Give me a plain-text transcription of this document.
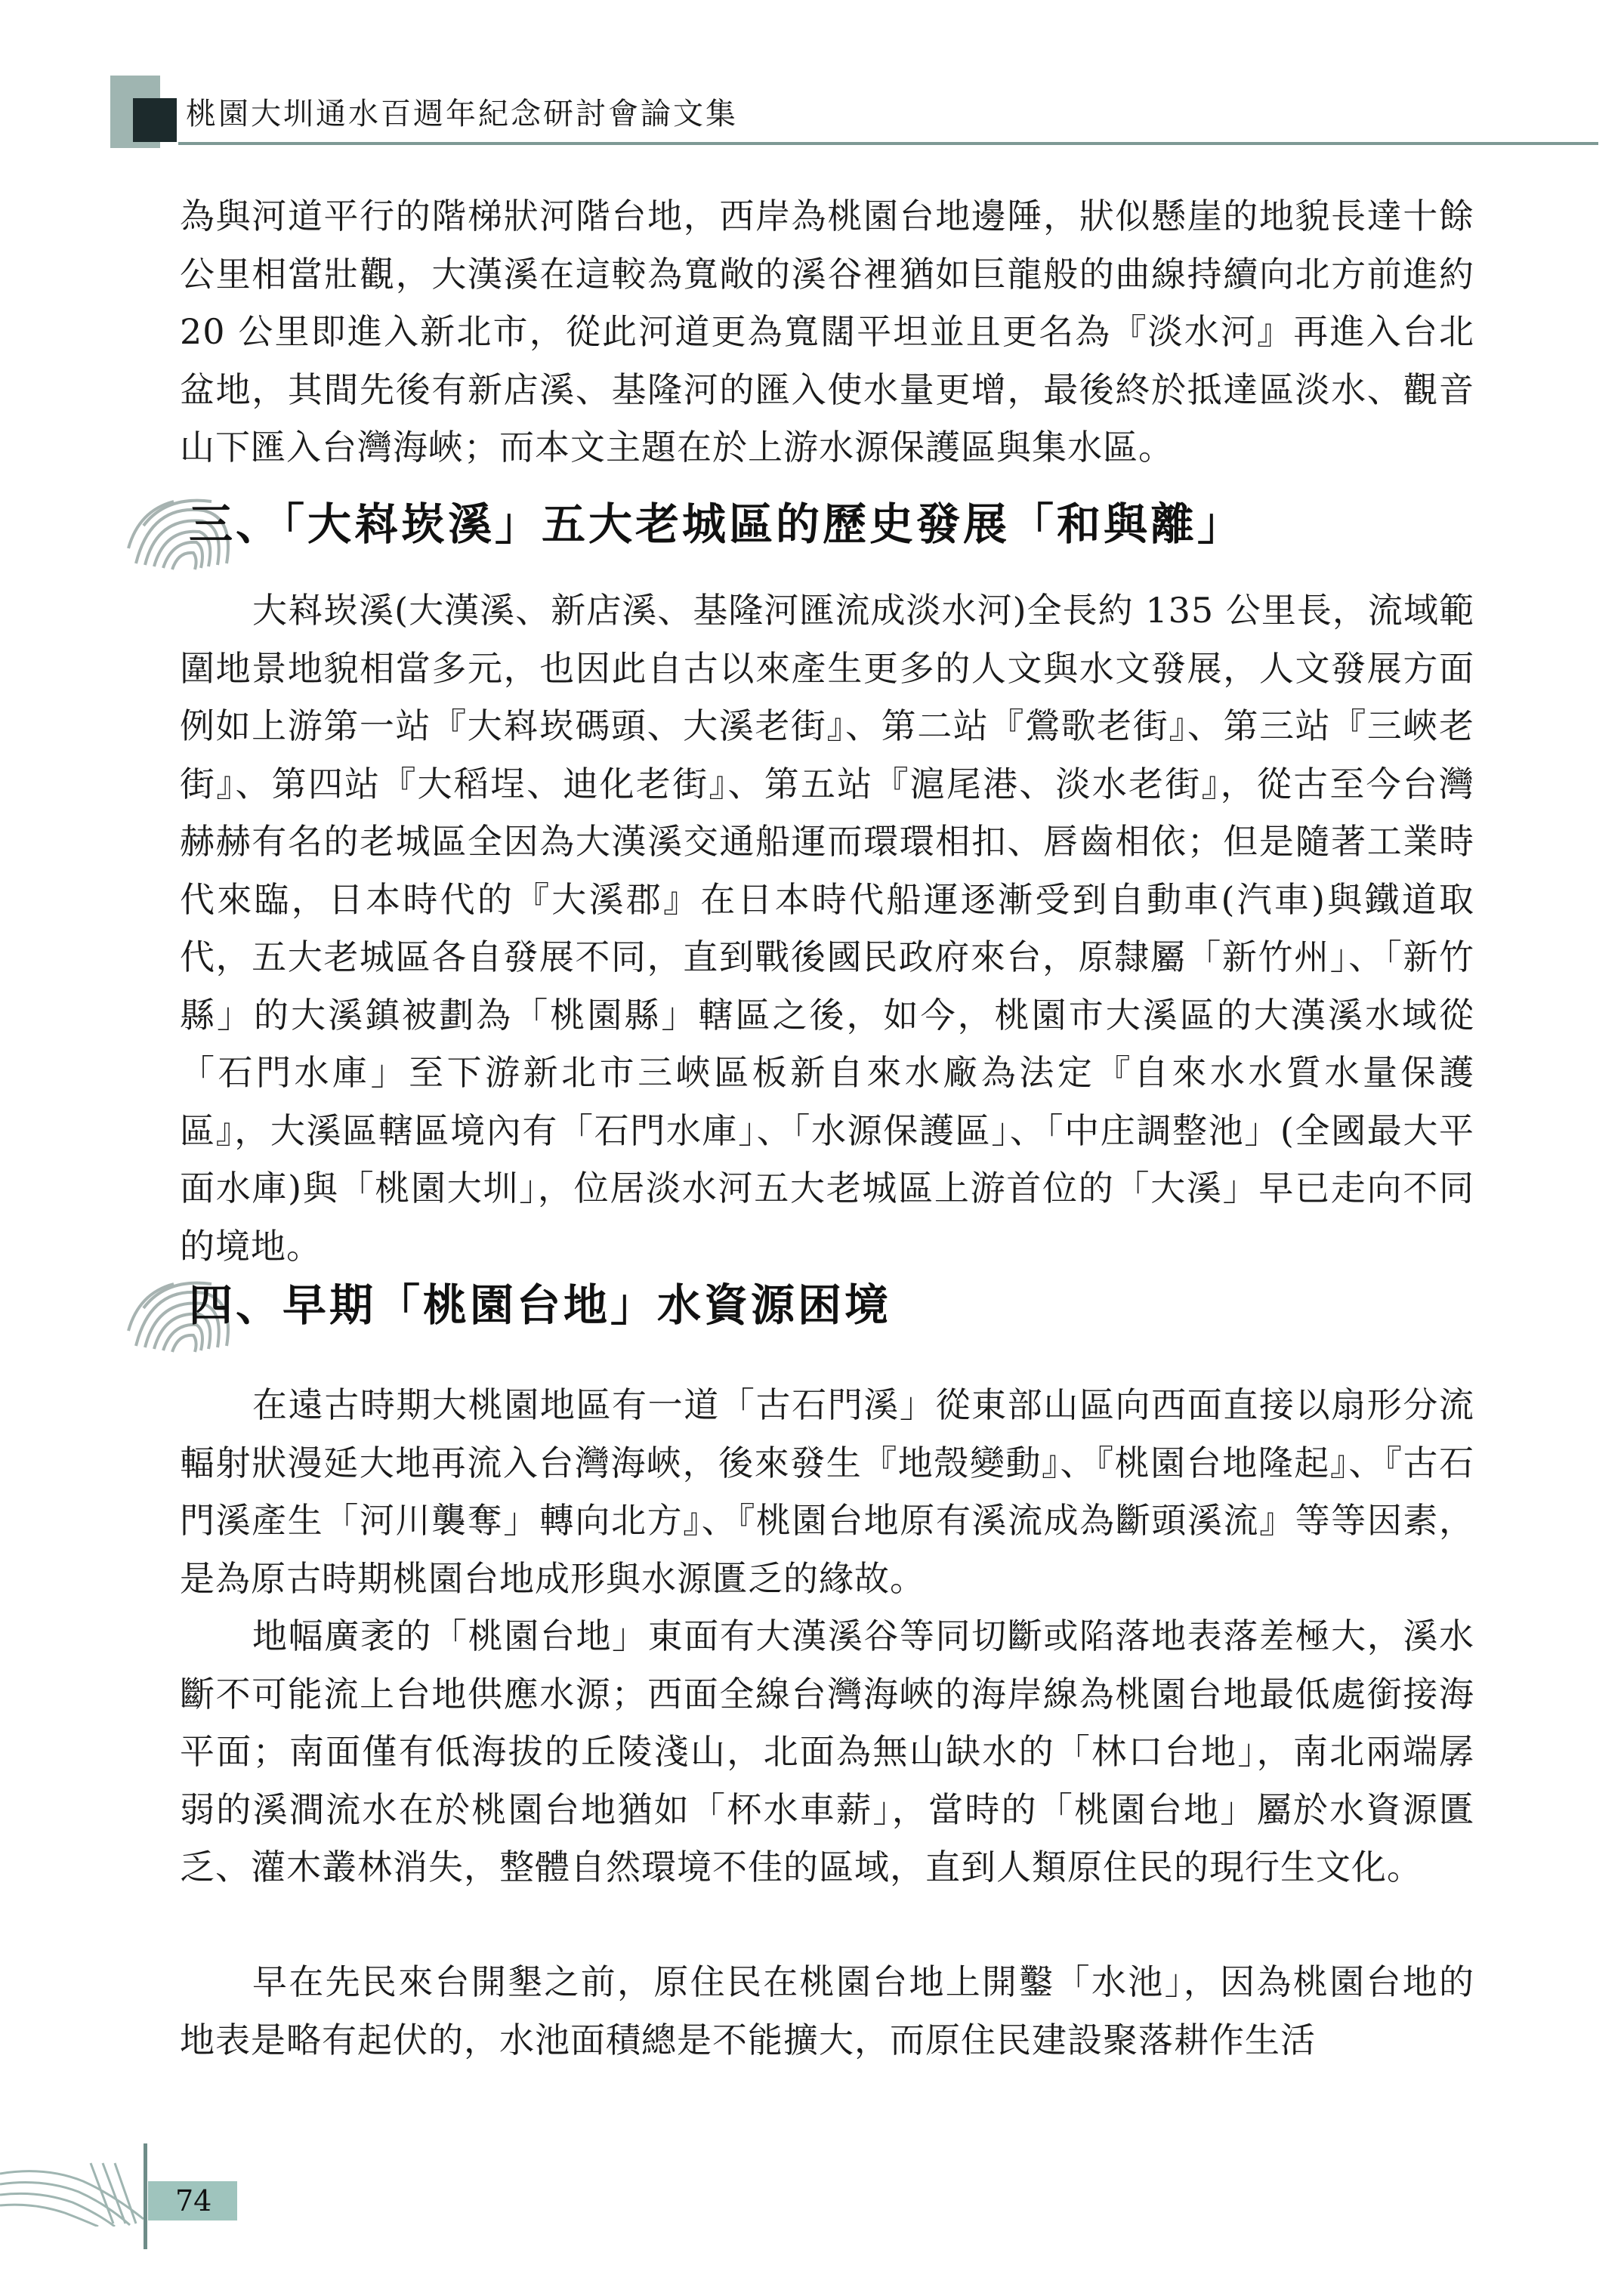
桃園大圳通水百週年紀念研討會論文集

為與河道平行的階梯狀河階台地，西岸為桃園台地邊陲，狀似懸崖的地貌長達十餘公里相當壯觀，大漢溪在這較為寬敞的溪谷裡猶如巨龍般的曲線持續向北方前進約 20 公里即進入新北市，從此河道更為寬闊平坦並且更名為『淡水河』再進入台北盆地，其間先後有新店溪、基隆河的匯入使水量更增，最後終於抵達區淡水、觀音山下匯入台灣海峽；而本文主題在於上游水源保護區與集水區。

三、「大嵙崁溪」五大老城區的歷史發展「和與離」

大嵙崁溪(大漢溪、新店溪、基隆河匯流成淡水河)全長約 135 公里長，流域範圍地景地貌相當多元，也因此自古以來產生更多的人文與水文發展，人文發展方面例如上游第一站『大嵙崁碼頭、大溪老街』、第二站『鶯歌老街』、第三站『三峽老街』、第四站『大稻埕、迪化老街』、第五站『滬尾港、淡水老街』，從古至今台灣赫赫有名的老城區全因為大漢溪交通船運而環環相扣、唇齒相依；但是隨著工業時代來臨，日本時代的『大溪郡』在日本時代船運逐漸受到自動車(汽車)與鐵道取代，五大老城區各自發展不同，直到戰後國民政府來台，原隸屬「新竹州」、「新竹縣」的大溪鎮被劃為「桃園縣」轄區之後，如今，桃園市大溪區的大漢溪水域從「石門水庫」至下游新北市三峽區板新自來水廠為法定『自來水水質水量保護區』，大溪區轄區境內有「石門水庫」、「水源保護區」、「中庄調整池」(全國最大平面水庫)與「桃園大圳」，位居淡水河五大老城區上游首位的「大溪」早已走向不同的境地。

四、早期「桃園台地」水資源困境

在遠古時期大桃園地區有一道「古石門溪」從東部山區向西面直接以扇形分流輻射狀漫延大地再流入台灣海峽，後來發生『地殼變動』、『桃園台地隆起』、『古石門溪產生「河川襲奪」轉向北方』、『桃園台地原有溪流成為斷頭溪流』等等因素，是為原古時期桃園台地成形與水源匱乏的緣故。

地幅廣袤的「桃園台地」東面有大漢溪谷等同切斷或陷落地表落差極大，溪水斷不可能流上台地供應水源；西面全線台灣海峽的海岸線為桃園台地最低處銜接海平面；南面僅有低海拔的丘陵淺山，北面為無山缺水的「林口台地」，南北兩端孱弱的溪澗流水在於桃園台地猶如「杯水車薪」，當時的「桃園台地」屬於水資源匱乏、灌木叢林消失，整體自然環境不佳的區域，直到人類原住民的現行生文化。

早在先民來台開墾之前，原住民在桃園台地上開鑿「水池」，因為桃園台地的地表是略有起伏的，水池面積總是不能擴大，而原住民建設聚落耕作生活

74
